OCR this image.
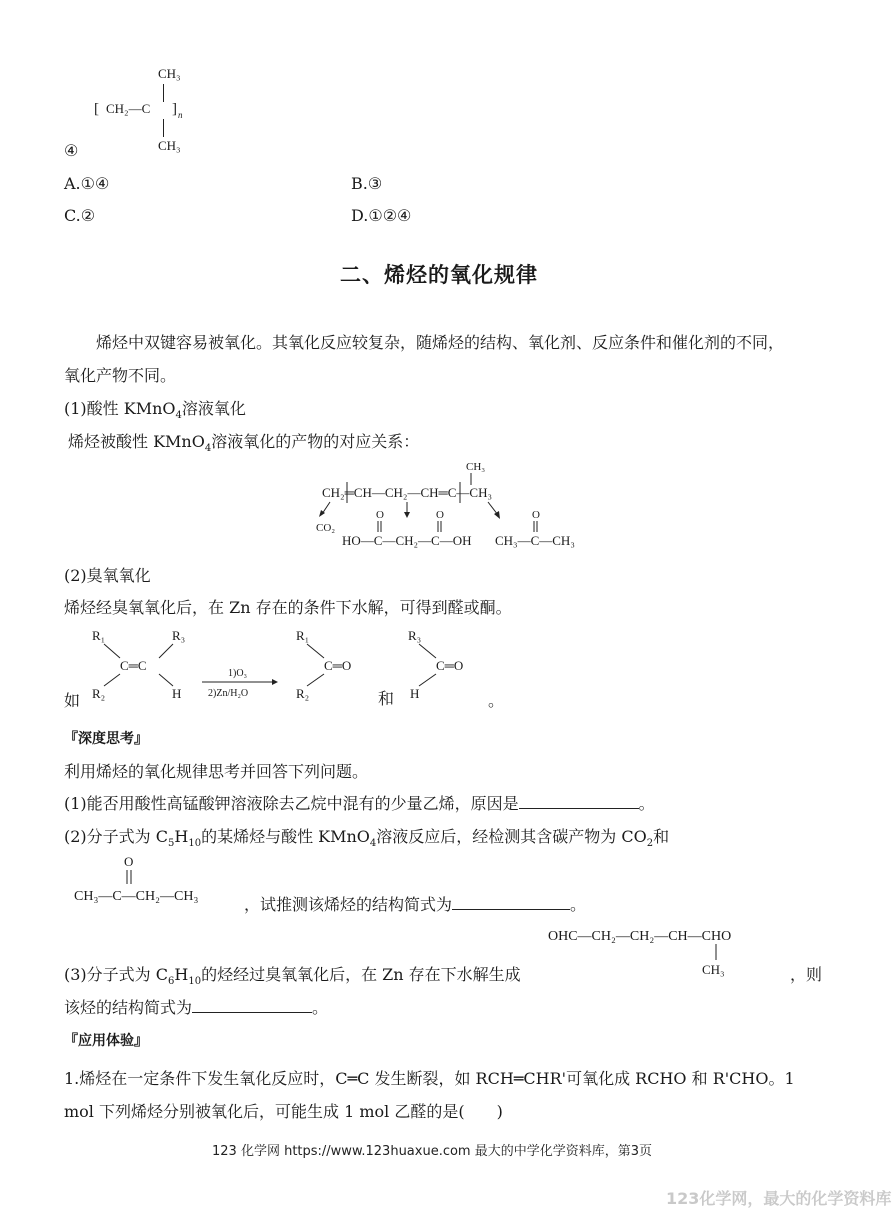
CH₃
[ CH₂—C ] n
CH₃
④
A.①④	B.③
C.②	D.①②④
二、烯烃的氧化规律
烯烃中双键容易被氧化。其氧化反应较复杂，随烯烃的结构、氧化剂、反应条件和催化剂的不同，
氧化产物不同。
(1)酸性 KMnO$_4$溶液氧化
烯烃被酸性 KMnO$_4$溶液氧化的产物的对应关系：
CH₃
CH₂═CH—CH₂—CH═C—CH₃
CO₂
O	O	O
HO—C—CH₂—C—OH CH₃—C—CH₃
(2)臭氧氧化
烯烃经臭氧氧化后，在 Zn 存在的条件下水解，可得到醛或酮。
如
R₁	R₃
C═C
R₂	H
1)O₃
2)Zn/H₂O
R₁
C═O
R₂	和
R₃
C═O
H	。
『深度思考』
利用烯烃的氧化规律思考并回答下列问题。
(1)能否用酸性高锰酸钾溶液除去乙烷中混有的少量乙烯，原因是	。
(2)分子式为 $C_5H_{10}$的某烯烃与酸性 KMnO$_4$溶液反应后，经检测其含碳产物为 $CO_2$和
O
CH₃—C—CH₂—CH₃	，试推测该烯烃的结构简式为	。
OHC—CH₂—CH₂—CH—CHO
CH₃
(3)分子式为 $C_6H_{10}$的烃经过臭氧氧化后，在 Zn 存在下水解生成	，则
该烃的结构简式为	。
『应用体验』
1.烯烃在一定条件下发生氧化反应时，C═C 发生断裂，如 RCH═CHR'可氧化成 RCHO 和 R'CHO。1
mol 下列烯烃分别被氧化后，可能生成 1 mol 乙醛的是(　　)
123 化学网 https://www.123huaxue.com 最大的中学化学资料库，第3页
123化学网，最大的化学资料库
